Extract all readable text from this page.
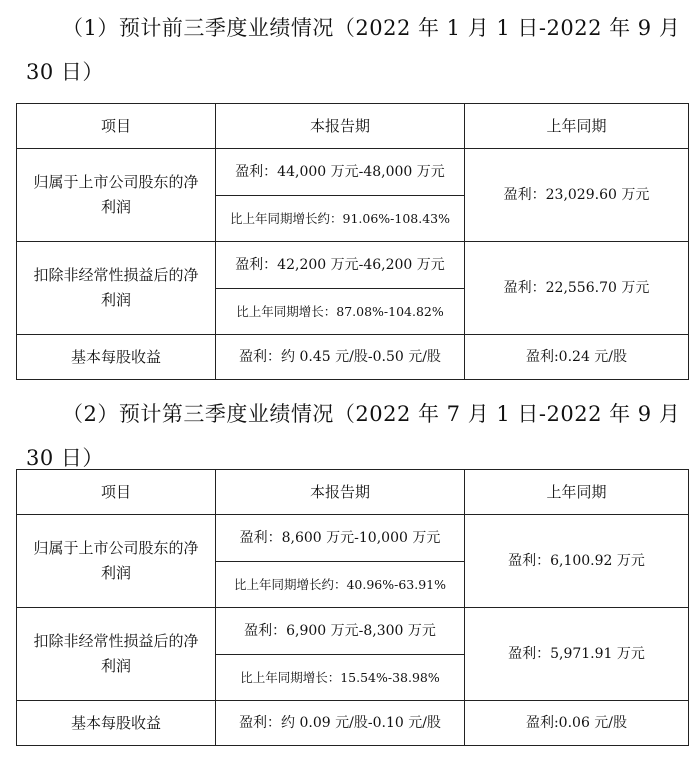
（1）预计前三季度业绩情况（2022 年 1 月 1 日-2022 年 9 月 30 日）
项目	本报告期	上年同期
归属于上市公司股东的净利润	盈利：44,000 万元-48,000 万元	盈利：23,029.60 万元
	比上年同期增长约：91.06%-108.43%	
扣除非经常性损益后的净利润	盈利：42,200 万元-46,200 万元	盈利：22,556.70 万元
	比上年同期增长：87.08%-104.82%	
基本每股收益	盈利：约 0.45 元/股-0.50 元/股	盈利:0.24 元/股
（2）预计第三季度业绩情况（2022 年 7 月 1 日-2022 年 9 月 30 日）
项目	本报告期	上年同期
归属于上市公司股东的净利润	盈利：8,600 万元-10,000 万元	盈利：6,100.92 万元
	比上年同期增长约：40.96%-63.91%	
扣除非经常性损益后的净利润	盈利：6,900 万元-8,300 万元	盈利：5,971.91 万元
	比上年同期增长：15.54%-38.98%	
基本每股收益	盈利：约 0.09 元/股-0.10 元/股	盈利:0.06 元/股
